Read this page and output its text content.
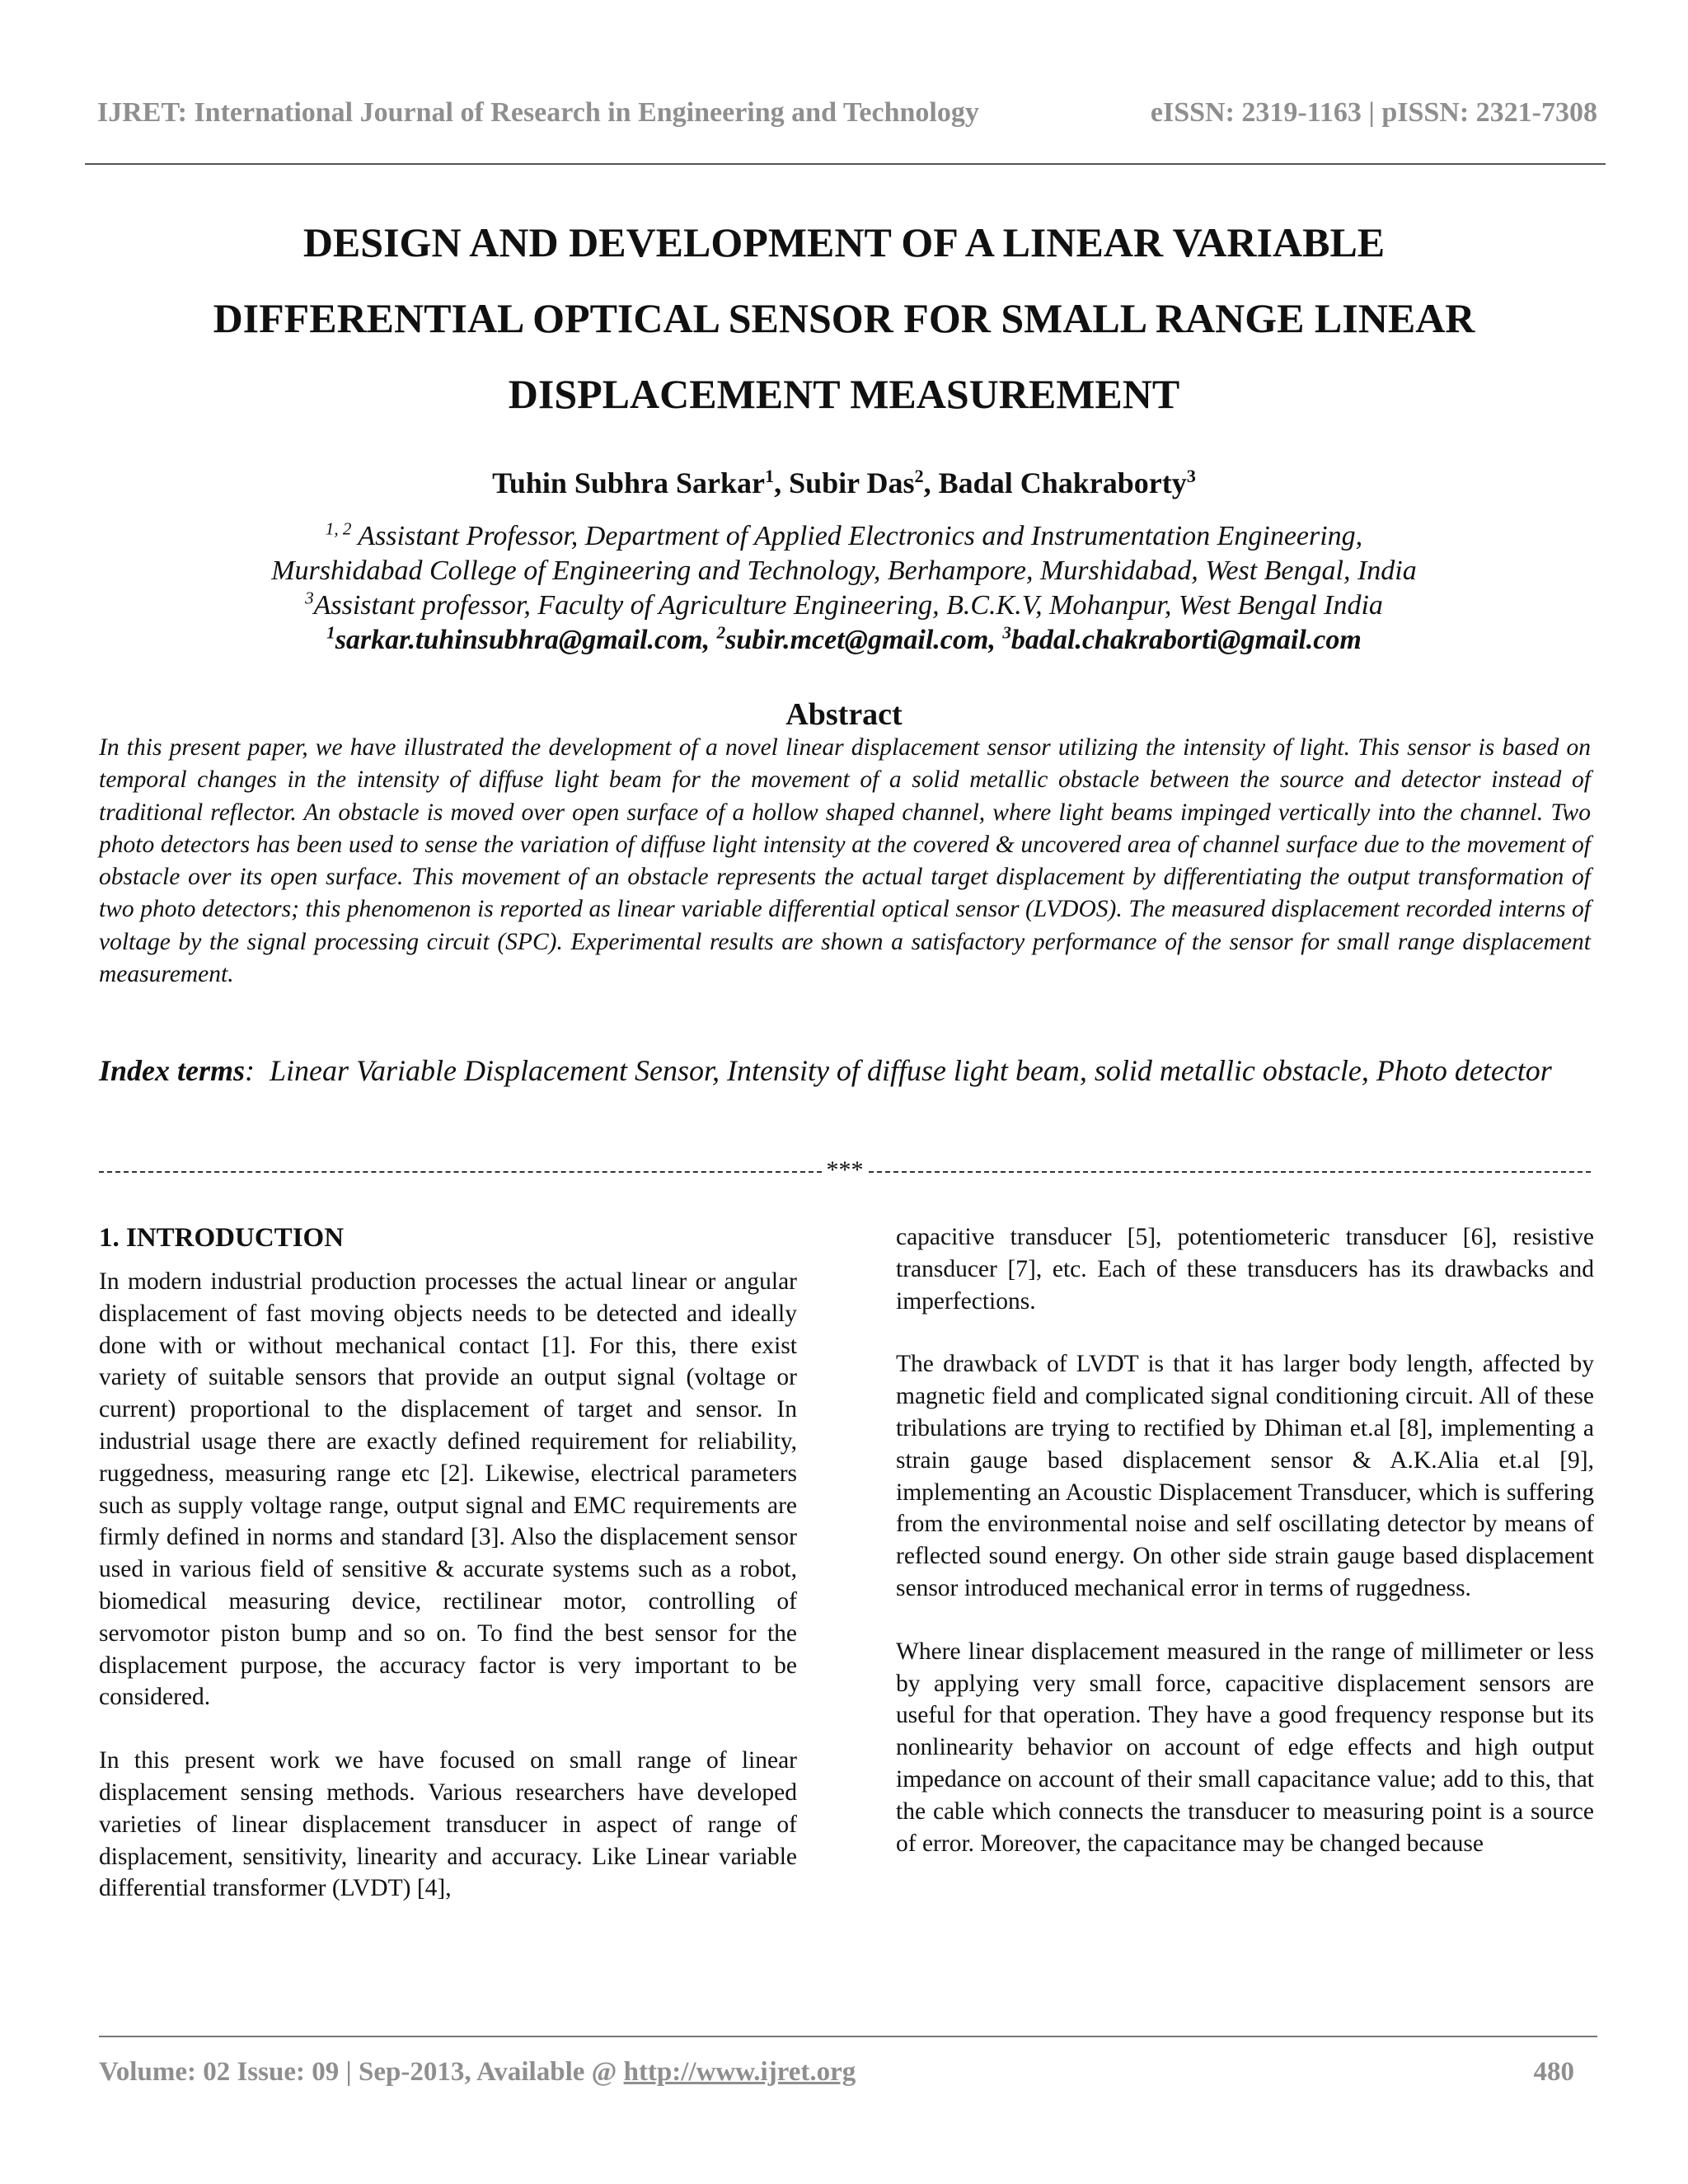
IJRET: International Journal of Research in Engineering and Technology	eISSN: 2319-1163 | pISSN: 2321-7308
DESIGN AND DEVELOPMENT OF A LINEAR VARIABLE
DIFFERENTIAL OPTICAL SENSOR FOR SMALL RANGE LINEAR
DISPLACEMENT MEASUREMENT
Tuhin Subhra Sarkar$^1$, Subir Das$^2$, Badal Chakraborty$^3$
$^{1, 2}$ Assistant Professor, Department of Applied Electronics and Instrumentation Engineering,
Murshidabad College of Engineering and Technology, Berhampore, Murshidabad, West Bengal, India
$^3$Assistant professor, Faculty of Agriculture Engineering, B.C.K.V, Mohanpur, West Bengal India
$^1$sarkar.tuhinsubhra@gmail.com, $^2$subir.mcet@gmail.com, $^3$badal.chakraborti@gmail.com
Abstract
In this present paper, we have illustrated the development of a novel linear displacement sensor utilizing the intensity of light. This sensor is based on temporal changes in the intensity of diffuse light beam for the movement of a solid metallic obstacle between the source and detector instead of traditional reflector. An obstacle is moved over open surface of a hollow shaped channel, where light beams impinged vertically into the channel. Two photo detectors has been used to sense the variation of diffuse light intensity at the covered & uncovered area of channel surface due to the movement of obstacle over its open surface. This movement of an obstacle represents the actual target displacement by differentiating the output transformation of two photo detectors; this phenomenon is reported as linear variable differential optical sensor (LVDOS). The measured displacement recorded interns of voltage by the signal processing circuit (SPC). Experimental results are shown a satisfactory performance of the sensor for small range displacement measurement.
Index terms:  Linear Variable Displacement Sensor, Intensity of diffuse light beam, solid metallic obstacle, Photo detector
***
1. INTRODUCTION

In modern industrial production processes the actual linear or angular displacement of fast moving objects needs to be detected and ideally done with or without mechanical contact [1]. For this, there exist variety of suitable sensors that provide an output signal (voltage or current) proportional to the displacement of target and sensor. In industrial usage there are exactly defined requirement for reliability, ruggedness, measuring range etc [2]. Likewise, electrical parameters such as supply voltage range, output signal and EMC requirements are firmly defined in norms and standard [3]. Also the displacement sensor used in various field of sensitive & accurate systems such as a robot, biomedical measuring device, rectilinear motor, controlling of servomotor piston bump and so on. To find the best sensor for the displacement purpose, the accuracy factor is very important to be considered.

In this present work we have focused on small range of linear displacement sensing methods. Various researchers have developed varieties of linear displacement transducer in aspect of range of displacement, sensitivity, linearity and accuracy. Like Linear variable differential transformer (LVDT) [4],

capacitive transducer [5], potentiometeric transducer [6], resistive transducer [7], etc. Each of these transducers has its drawbacks and imperfections.

The drawback of LVDT is that it has larger body length, affected by magnetic field and complicated signal conditioning circuit. All of these tribulations are trying to rectified by Dhiman et.al [8], implementing a strain gauge based displacement sensor & A.K.Alia et.al [9], implementing an Acoustic Displacement Transducer, which is suffering from the environmental noise and self oscillating detector by means of reflected sound energy. On other side strain gauge based displacement sensor introduced mechanical error in terms of ruggedness.

Where linear displacement measured in the range of millimeter or less by applying very small force, capacitive displacement sensors are useful for that operation. They have a good frequency response but its nonlinearity behavior on account of edge effects and high output impedance on account of their small capacitance value; add to this, that the cable which connects the transducer to measuring point is a source of error. Moreover, the capacitance may be changed because

Volume: 02 Issue: 09 | Sep-2013, Available @ http://www.ijret.org	480
